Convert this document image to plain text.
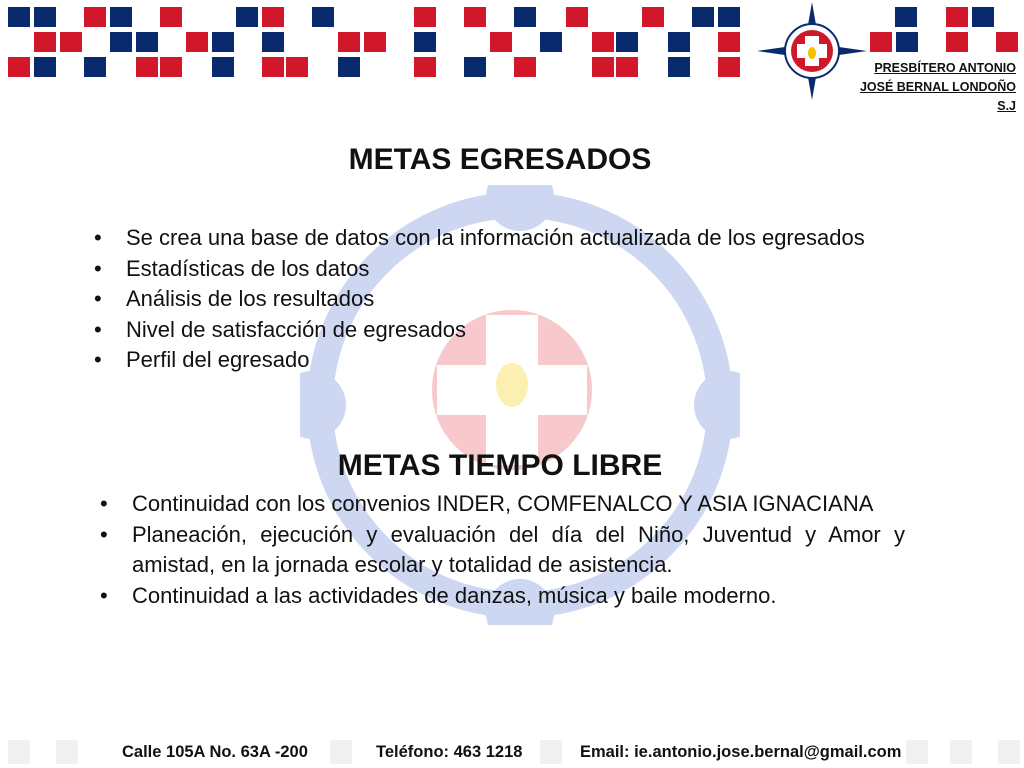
PRESBÍTERO ANTONIO
JOSÉ BERNAL LONDOÑO
S.J
METAS EGRESADOS
• Se crea una base de datos con la información actualizada de los egresados
• Estadísticas de los datos
• Análisis de los resultados
• Nivel de satisfacción de egresados
• Perfil del egresado
METAS TIEMPO LIBRE
• Continuidad con los convenios INDER, COMFENALCO Y ASIA IGNACIANA
• Planeación, ejecución y evaluación del día del Niño, Juventud y Amor y amistad, en la jornada escolar y totalidad de asistencia.
• Continuidad a las actividades de danzas, música y baile moderno.
Calle 105A No. 63A -200	Teléfono: 463 1218	Email: ie.antonio.jose.bernal@gmail.com
